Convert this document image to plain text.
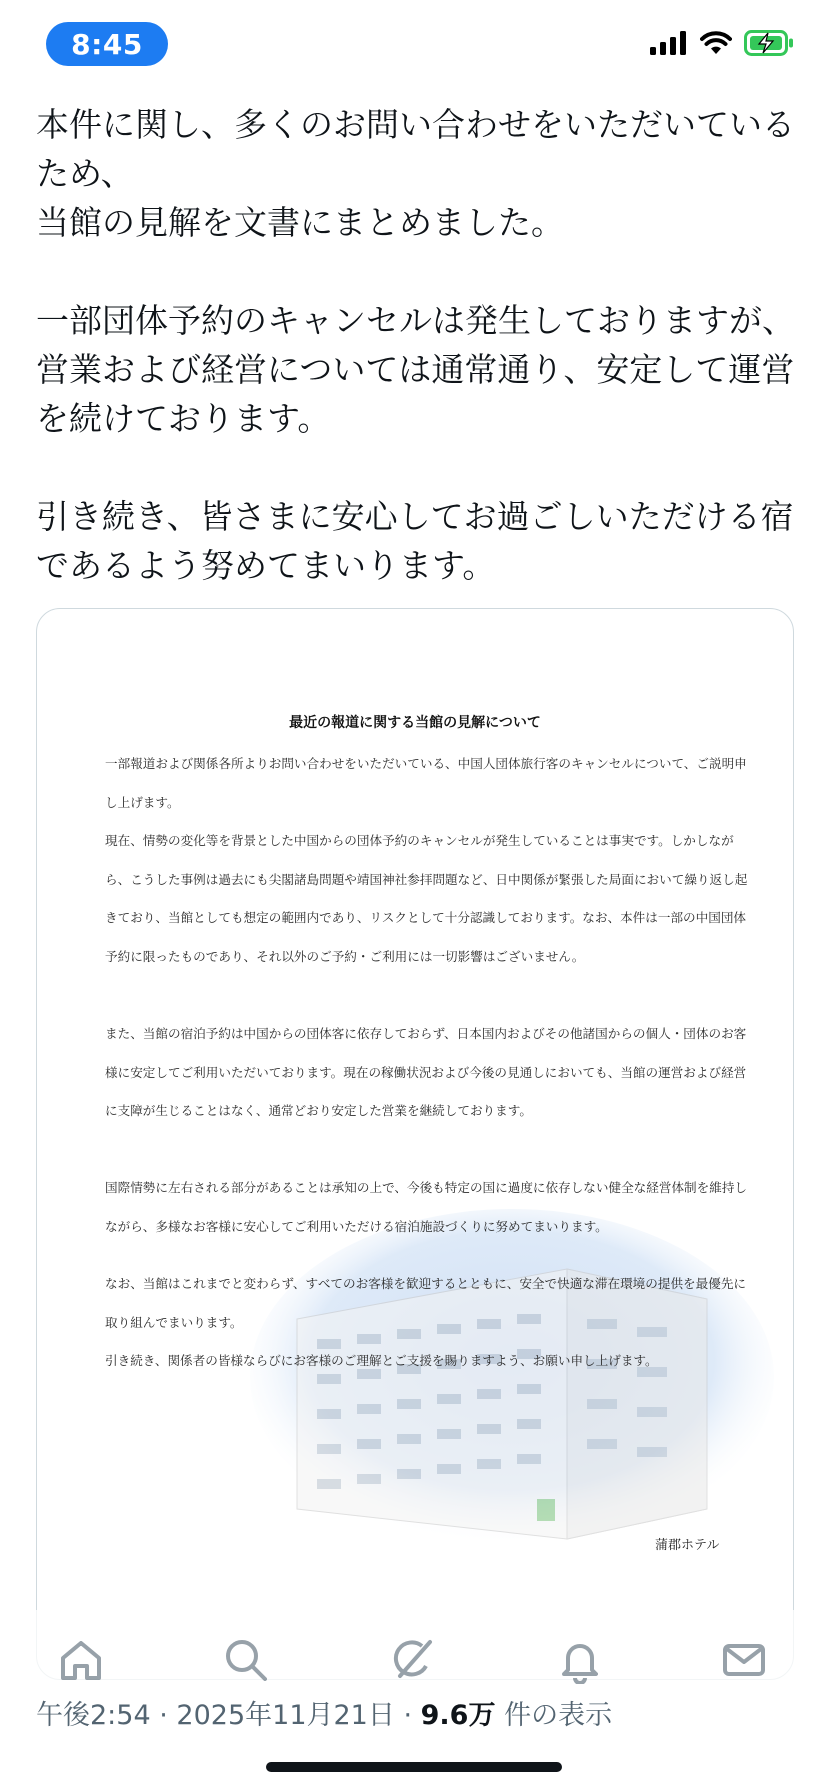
8:45
本件に関し、多くのお問い合わせをいただいている
ため、
当館の見解を文書にまとめました。

一部団体予約のキャンセルは発生しておりますが、
営業および経営については通常通り、安定して運営
を続けております。

引き続き、皆さまに安心してお過ごしいただける宿
であるよう努めてまいります。
最近の報道に関する当館の見解について
一部報道および関係各所よりお問い合わせをいただいている、中国人団体旅行客のキャンセルについて、ご説明申し上げます。
現在、情勢の変化等を背景とした中国からの団体予約のキャンセルが発生していることは事実です。しかしながら、こうした事例は過去にも尖閣諸島問題や靖国神社参拝問題など、日中関係が緊張した局面において繰り返し起きており、当館としても想定の範囲内であり、リスクとして十分認識しております。なお、本件は一部の中国団体予約に限ったものであり、それ以外のご予約・ご利用には一切影響はございません。
また、当館の宿泊予約は中国からの団体客に依存しておらず、日本国内およびその他諸国からの個人・団体のお客様に安定してご利用いただいております。現在の稼働状況および今後の見通しにおいても、当館の運営および経営に支障が生じることはなく、通常どおり安定した営業を継続しております。
国際情勢に左右される部分があることは承知の上で、今後も特定の国に過度に依存しない健全な経営体制を維持しながら、多様なお客様に安心してご利用いただける宿泊施設づくりに努めてまいります。
なお、当館はこれまでと変わらず、すべてのお客様を歓迎するとともに、安全で快適な滞在環境の提供を最優先に取り組んでまいります。
引き続き、関係者の皆様ならびにお客様のご理解とご支援を賜りますよう、お願い申し上げます。
蒲郡ホテル
午後2:54 · 2025年11月21日 · 9.6万 件の表示
